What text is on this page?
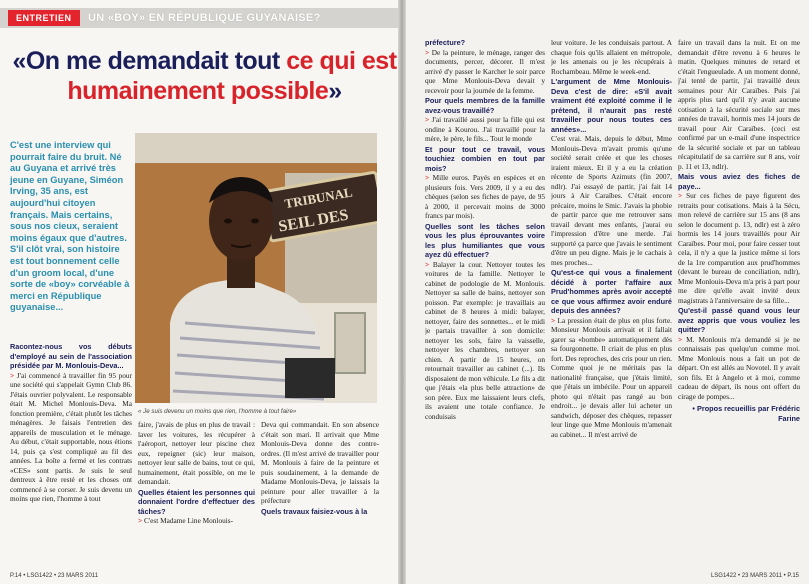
ENTRETIEN	UN «BOY» EN RÉPUBLIQUE GUYANAISE?
«On me demandait tout ce qui est humainement possible»
C'est une interview qui pourrait faire du bruit. Né au Guyana et arrivé très jeune en Guyane, Siméon Irving, 35 ans, est aujourd'hui citoyen français. Mais certains, sous nos cieux, seraient moins égaux que d'autres. S'il clôt vrai, son histoire est tout bonnement celle d'un groom local, d'une sorte de «boy» corvéable à merci en République guyanaise...
TRIBUNAL
SEIL DES
« Je suis devenu un moins que rien, l'homme à tout faire»
Racontez-nous vos débuts d'employé au sein de l'association présidée par M. Monlouis-Deva...

> J'ai commencé à travailler fin 95 pour une société qui s'appelait Gymn Club 86. J'étais ouvrier polyvalent. Le responsable était M. Michel Monlouis-Deva. Ma fonction première, c'était plutôt les tâches ménagères. Je faisais l'entretien des appareils de musculation et le ménage. Au début, c'était supportable, nous étions 14, puis ça s'est compliqué au fil des années. La boîte a fermé et les contrats «CES» sont partis. Je suis le seul dentreux à être resté et les choses ont commencé à se corser. Je suis devenu un moins que rien, l'homme à tout

faire, j'avais de plus en plus de travail : laver les voitures, les récupérer à l'aéroport, nettoyer leur piscine chez eux, repeigner (sic) leur maison, nettoyer leur salle de bains, tout ce qui, humainement, était possible, on me le demandait.

Quelles étaient les personnes qui donnaient l'ordre d'effectuer des tâches?

> C'est Madame Line Monlouis-

Deva qui commandait. En son absence c'était son mari. Il arrivait que Mme Monlouis-Deva donne des contre-ordres. (Il m'est arrivé de travailler pour M. Monlouis à faire de la peinture et puis soudainement, à la demande de Madame Monlouis-Deva, je laissais la peinture pour aller travailler à la préfecture

Quels travaux faisiez-vous à la
P.14 • LSG1422 • 23 MARS 2011
préfecture?

> De la peinture, le ménage, ranger des documents, percer, décorer. Il m'est arrivé d'y passer le Karcher le soir parce que Mme Monlouis-Deva devait y recevoir pour la journée de la femme.

Pour quels membres de la famille avez-vous travaillé?

> J'ai travaillé aussi pour la fille qui est ondine à Kourou. J'ai travaillé pour la mère, le père, le fils... Tout le monde

Et pour tout ce travail, vous touchiez combien en tout par mois?

> Mille euros. Payés en espèces et en plusieurs fois. Vers 2009, il y a eu des chèques (selon ses fiches de paye, de 95 à 2000, il percevait moins de 3000 francs par mois).

Quelles sont les tâches selon vous les plus éprouvantes voire les plus humiliantes que vous ayez dû effectuer?

> Balayer la cour. Nettoyer toutes les voitures de la famille. Nettoyer le cabinet de podologie de M. Monlouis. Nettoyer sa salle de bains, nettoyer son poisson. Par exemple: je travaillais au cabinet de 8 heures à midi: balayer, nettoyer, faire des sonnettes... et le midi je partais travailler à son domicile: nettoyer les sols, faire la vaisselle, nettoyer les chambres, nettoyer son chien. A partir de 15 heures, on retournait travailler au cabinet (...). Ils disposaient de mon véhicule. Le fils a dit que j'étais «la plus belle attraction» de son père. Eux me laissaient leurs clefs, ils avaient une totale confiance. Je conduisais

leur voiture. Je les conduisais partout. A chaque fois qu'ils allaient en métropole, je les amenais ou je les récupérais à Rochambeau. Même le week-end.

L'argument de Mme Monlouis-Deva c'est de dire: «S'il avait vraiment été exploité comme il le prétend, il n'aurait pas resté travailler pour nous toutes ces années»...

C'est vrai. Mais, depuis le début, Mme Monlouis-Deva m'avait promis qu'une société serait créée et que les choses iraient mieux. Et il y a eu la création récente de Sports Azimuts (fin 2007, ndlr). J'ai essayé de partir, j'ai fait 14 jours à Air Caraïbes. C'était encore précaire, moins le Smic. J'avais la phobie de partir parce que me retrouver sans travail devant mes enfants, j'aurai eu l'impression d'être une merde. J'ai supporté ça parce que j'avais le sentiment d'être un peu digne. Mais je le cachais à mes proches...

Qu'est-ce qui vous a finalement décidé à porter l'affaire aux Prud'hommes après avoir accepté ce que vous affirmez avoir enduré depuis des années?

> La pression était de plus en plus forte. Monsieur Monlouis arrivait et il fallait garer sa «bombe» automatiquement dès sa fourgonnette. Il criait de plus en plus fort. Des reproches, des cris pour un rien. Comme quoi je ne méritais pas la nationalité française, que j'étais limité, que j'étais un imbécile. Pour un appareil photo qui n'était pas rangé au bon endroit... je devais aller lui acheter un sandwich, déposer des chèques, repasser leur linge que Mme Monlouis m'amenait au cabinet... Il m'est arrivé de

faire un travail dans la nuit. Et on me demandait d'être revenu à 6 heures le matin. Quelques minutes de retard et c'était l'engueulade. A un moment donné, j'ai tenté de partir, j'ai travaillé deux semaines pour Air Caraïbes. Puis j'ai appris plus tard qu'il n'y avait aucune cotisation à la sécurité sociale sur mes années de travail, hormis mes 14 jours de travail pour Air Caraïbes. (ceci est confirmé par un e-mail d'une inspectrice de la sécurité sociale et par un tableau récapitulatif de sa carrière sur 8 ans, voir p. 11 et 13, ndlr).

Mais vous aviez des fiches de paye...

> Sur ces fiches de paye figurent des retraits pour cotisations. Mais à la Sécu, mon relevé de carrière sur 15 ans (8 ans selon le document p. 13, ndlr) est à zéro hormis les 14 jours travaillés pour Air Caraïbes. Pour moi, pour faire cesser tout cela, il n'y a que la justice même si lors de la 1re comparution aux prud'hommes (devant le bureau de conciliation, ndlr), Mme Monlouis-Deva m'a pris à part pour me dire qu'elle avait invité deux magistrats à l'anniversaire de sa fille...

Qu'est-il passé quand vous leur avez appris que vous vouliez les quitter?

> M. Monlouis m'a demandé si je ne connaissais pas quelqu'un comme moi. Mme Monlouis nous a fait un pot de départ. On est allés au Novotel. Il y avait son fils. Et à Angelo et à moi, comme cadeau de départ, ils nous ont offert du cirage de pompes...

• Propos recueillis par Frédéric Farine

LSG1422 • 23 MARS 2011 • P.15
